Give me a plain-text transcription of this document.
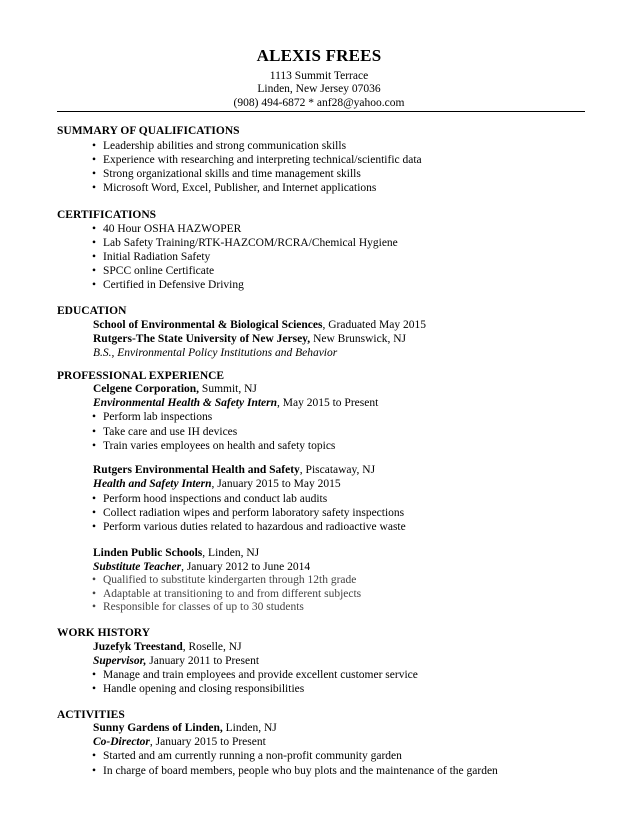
ALEXIS FREES
1113 Summit Terrace
Linden, New Jersey 07036
(908) 494-6872 * anf28@yahoo.com
SUMMARY OF QUALIFICATIONS
• Leadership abilities and strong communication skills
• Experience with researching and interpreting technical/scientific data
• Strong organizational skills and time management skills
• Microsoft Word, Excel, Publisher, and Internet applications
CERTIFICATIONS
• 40 Hour OSHA HAZWOPER
• Lab Safety Training/RTK-HAZCOM/RCRA/Chemical Hygiene
• Initial Radiation Safety
• SPCC online Certificate
• Certified in Defensive Driving
EDUCATION
School of Environmental & Biological Sciences, Graduated May 2015
Rutgers-The State University of New Jersey, New Brunswick, NJ
B.S., Environmental Policy Institutions and Behavior
PROFESSIONAL EXPERIENCE
Celgene Corporation, Summit, NJ
Environmental Health & Safety Intern, May 2015 to Present
• Perform lab inspections
• Take care and use IH devices
• Train varies employees on health and safety topics
Rutgers Environmental Health and Safety, Piscataway, NJ
Health and Safety Intern, January 2015 to May 2015
• Perform hood inspections and conduct lab audits
• Collect radiation wipes and perform laboratory safety inspections
• Perform various duties related to hazardous and radioactive waste
Linden Public Schools, Linden, NJ
Substitute Teacher, January 2012 to June 2014
• Qualified to substitute kindergarten through 12th grade
• Adaptable at transitioning to and from different subjects
• Responsible for classes of up to 30 students
WORK HISTORY
Juzefyk Treestand, Roselle, NJ
Supervisor, January 2011 to Present
• Manage and train employees and provide excellent customer service
• Handle opening and closing responsibilities
ACTIVITIES
Sunny Gardens of Linden, Linden, NJ
Co-Director, January 2015 to Present
• Started and am currently running a non-profit community garden
• In charge of board members, people who buy plots and the maintenance of the garden
